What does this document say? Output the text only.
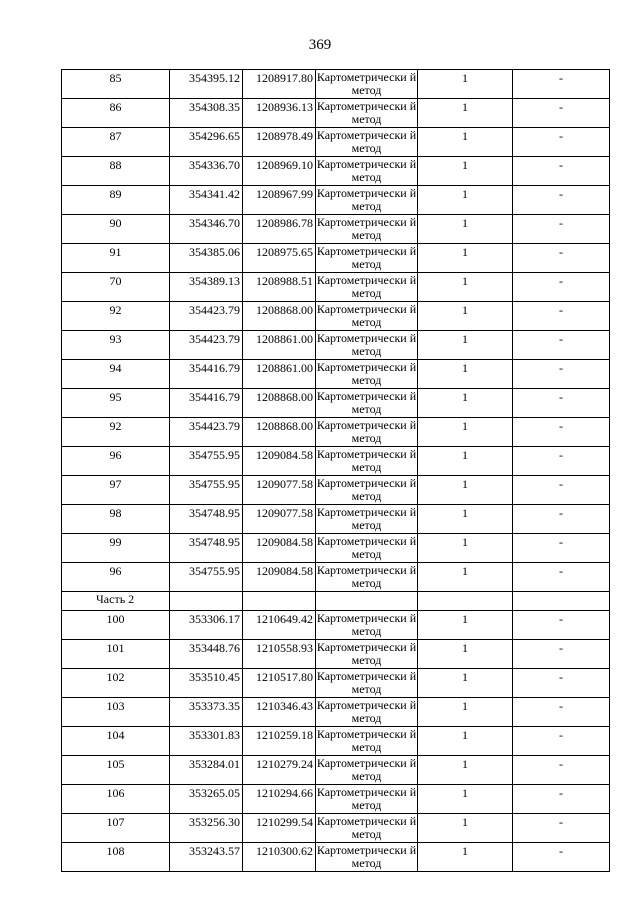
369
85	354395.12	1208917.80	Картометрически й метод	1	-
86	354308.35	1208936.13	Картометрически й метод	1	-
87	354296.65	1208978.49	Картометрически й метод	1	-
88	354336.70	1208969.10	Картометрически й метод	1	-
89	354341.42	1208967.99	Картометрически й метод	1	-
90	354346.70	1208986.78	Картометрически й метод	1	-
91	354385.06	1208975.65	Картометрически й метод	1	-
70	354389.13	1208988.51	Картометрически й метод	1	-
92	354423.79	1208868.00	Картометрически й метод	1	-
93	354423.79	1208861.00	Картометрически й метод	1	-
94	354416.79	1208861.00	Картометрически й метод	1	-
95	354416.79	1208868.00	Картометрически й метод	1	-
92	354423.79	1208868.00	Картометрически й метод	1	-
96	354755.95	1209084.58	Картометрически й метод	1	-
97	354755.95	1209077.58	Картометрически й метод	1	-
98	354748.95	1209077.58	Картометрически й метод	1	-
99	354748.95	1209084.58	Картометрически й метод	1	-
96	354755.95	1209084.58	Картометрически й метод	1	-
Часть 2					
100	353306.17	1210649.42	Картометрически й метод	1	-
101	353448.76	1210558.93	Картометрически й метод	1	-
102	353510.45	1210517.80	Картометрически й метод	1	-
103	353373.35	1210346.43	Картометрически й метод	1	-
104	353301.83	1210259.18	Картометрически й метод	1	-
105	353284.01	1210279.24	Картометрически й метод	1	-
106	353265.05	1210294.66	Картометрически й метод	1	-
107	353256.30	1210299.54	Картометрически й метод	1	-
108	353243.57	1210300.62	Картометрически й метод	1	-
